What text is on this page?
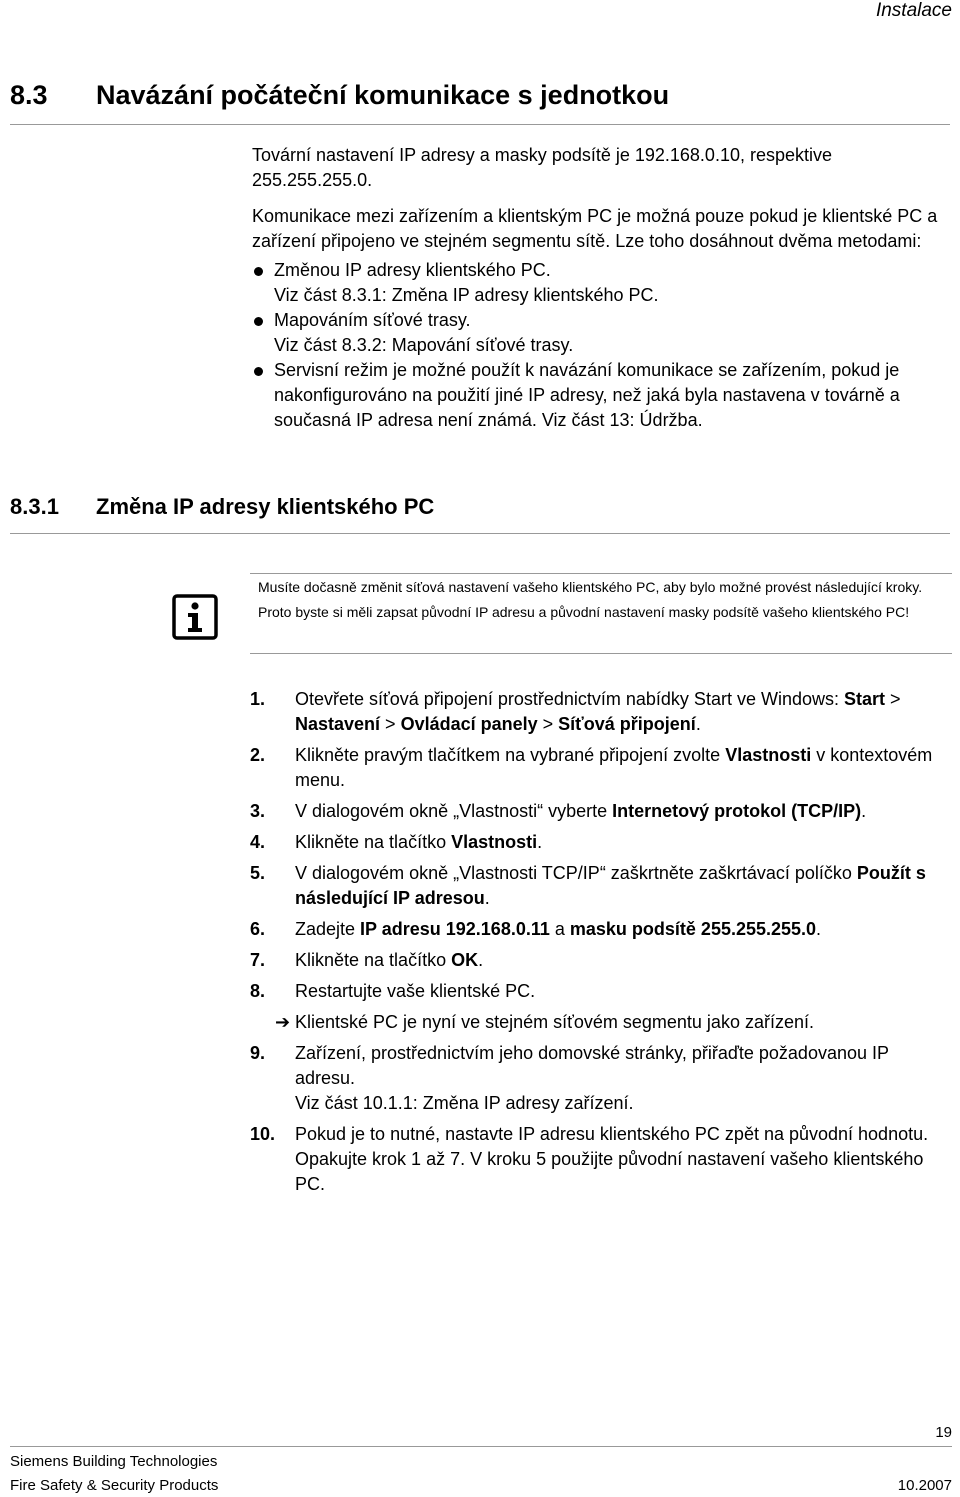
Instalace
8.3 Navázání počáteční komunikace s jednotkou

Tovární nastavení IP adresy a masky podsítě je 192.168.0.10, respektive 255.255.255.0.

Komunikace mezi zařízením a klientským PC je možná pouze pokud je klientské PC a zařízení připojeno ve stejném segmentu sítě. Lze toho dosáhnout dvěma metodami:

Změnou IP adresy klientského PC.
Viz část 8.3.1: Změna IP adresy klientského PC.
Mapováním síťové trasy.
Viz část 8.3.2: Mapování síťové trasy.
Servisní režim je možné použít k navázání komunikace se zařízením, pokud je nakonfigurováno na použití jiné IP adresy, než jaká byla nastavena v továrně a současná IP adresa není známá. Viz část 13: Údržba.
8.3.1 Změna IP adresy klientského PC

Musíte dočasně změnit síťová nastavení vašeho klientského PC, aby bylo možné provést následující kroky.

Proto byste si měli zapsat původní IP adresu a původní nastavení masky podsítě vašeho klientského PC!

1.	Otevřete síťová připojení prostřednictvím nabídky Start ve Windows: Start > Nastavení > Ovládací panely > Síťová připojení.
2.	Klikněte pravým tlačítkem na vybrané připojení zvolte Vlastnosti v kontextovém menu.
3.	V dialogovém okně „Vlastnosti“ vyberte Internetový protokol (TCP/IP).
4.	Klikněte na tlačítko Vlastnosti.
5.	V dialogovém okně „Vlastnosti TCP/IP“ zaškrtněte zaškrtávací políčko Použít s následující IP adresou.
6.	Zadejte IP adresu 192.168.0.11 a masku podsítě 255.255.255.0.
7.	Klikněte na tlačítko OK.
8.	Restartujte vaše klientské PC.
➔ Klientské PC je nyní ve stejném síťovém segmentu jako zařízení.
9.	Zařízení, prostřednictvím jeho domovské stránky, přiřaďte požadovanou IP adresu.
Viz část 10.1.1: Změna IP adresy zařízení.
10.	Pokud je to nutné, nastavte IP adresu klientského PC zpět na původní hodnotu.
Opakujte krok 1 až 7. V kroku 5 použijte původní nastavení vašeho klientského PC.
19
Siemens Building Technologies
Fire Safety & Security Products	10.2007
